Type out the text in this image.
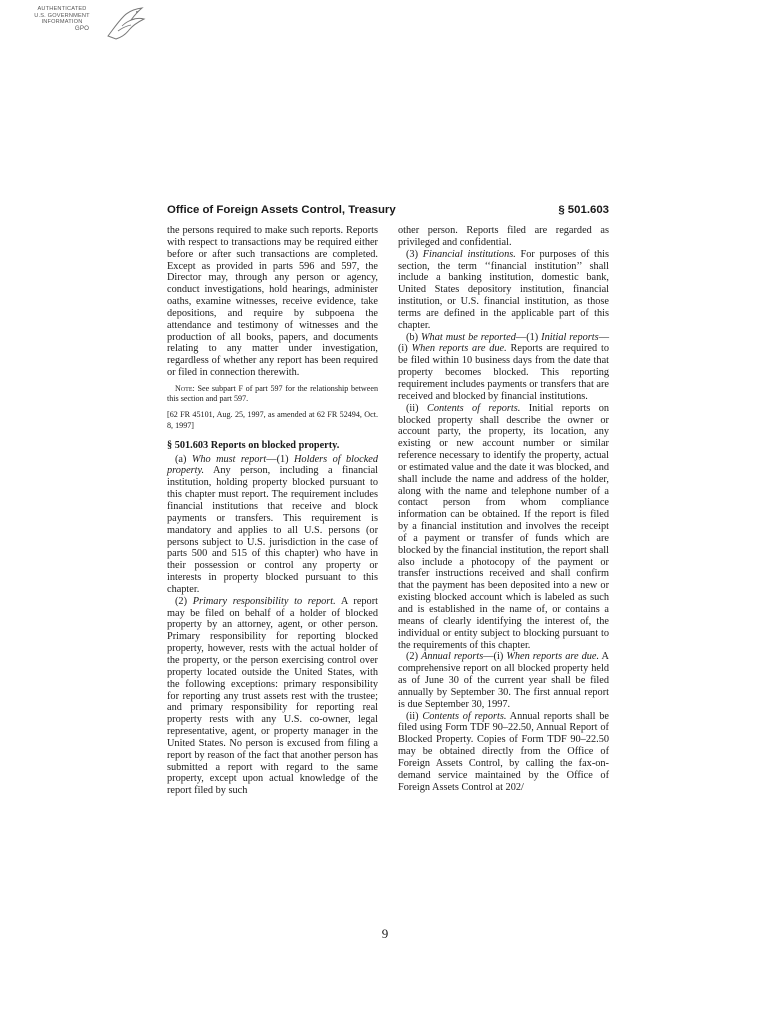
AUTHENTICATED
U.S. GOVERNMENT
INFORMATION
GPO
Office of Foreign Assets Control, Treasury	§ 501.603

the persons required to make such reports. Reports with respect to transactions may be required either before or after such transactions are completed. Except as provided in parts 596 and 597, the Director may, through any person or agency, conduct investigations, hold hearings, administer oaths, examine witnesses, receive evidence, take depositions, and require by subpoena the attendance and testimony of witnesses and the production of all books, papers, and documents relating to any matter under investigation, regardless of whether any report has been required or filed in connection therewith.

Note: See subpart F of part 597 for the relationship between this section and part 597.

[62 FR 45101, Aug. 25, 1997, as amended at 62 FR 52494, Oct. 8, 1997]

§ 501.603 Reports on blocked property.

(a) Who must report—(1) Holders of blocked property. Any person, including a financial institution, holding property blocked pursuant to this chapter must report. The requirement includes financial institutions that receive and block payments or transfers. This requirement is mandatory and applies to all U.S. persons (or persons subject to U.S. jurisdiction in the case of parts 500 and 515 of this chapter) who have in their possession or control any property or interests in property blocked pursuant to this chapter.

(2) Primary responsibility to report. A report may be filed on behalf of a holder of blocked property by an attorney, agent, or other person. Primary responsibility for reporting blocked property, however, rests with the actual holder of the property, or the person exercising control over property located outside the United States, with the following exceptions: primary responsibility for reporting any trust assets rest with the trustee; and primary responsibility for reporting real property rests with any U.S. co-owner, legal representative, agent, or property manager in the United States. No person is excused from filing a report by reason of the fact that another person has submitted a report with regard to the same property, except upon actual knowledge of the report filed by such

other person. Reports filed are regarded as privileged and confidential.

(3) Financial institutions. For purposes of this section, the term ‘‘financial institution’’ shall include a banking institution, domestic bank, United States depository institution, financial institution, or U.S. financial institution, as those terms are defined in the applicable part of this chapter.

(b) What must be reported—(1) Initial reports—(i) When reports are due. Reports are required to be filed within 10 business days from the date that property becomes blocked. This reporting requirement includes payments or transfers that are received and blocked by financial institutions.

(ii) Contents of reports. Initial reports on blocked property shall describe the owner or account party, the property, its location, any existing or new account number or similar reference necessary to identify the property, actual or estimated value and the date it was blocked, and shall include the name and address of the holder, along with the name and telephone number of a contact person from whom compliance information can be obtained. If the report is filed by a financial institution and involves the receipt of a payment or transfer of funds which are blocked by the financial institution, the report shall also include a photocopy of the payment or transfer instructions received and shall confirm that the payment has been deposited into a new or existing blocked account which is labeled as such and is established in the name of, or contains a means of clearly identifying the interest of, the individual or entity subject to blocking pursuant to the requirements of this chapter.

(2) Annual reports—(i) When reports are due. A comprehensive report on all blocked property held as of June 30 of the current year shall be filed annually by September 30. The first annual report is due September 30, 1997.

(ii) Contents of reports. Annual reports shall be filed using Form TDF 90–22.50, Annual Report of Blocked Property. Copies of Form TDF 90–22.50 may be obtained directly from the Office of Foreign Assets Control, by calling the fax-on-demand service maintained by the Office of Foreign Assets Control at 202/

9
